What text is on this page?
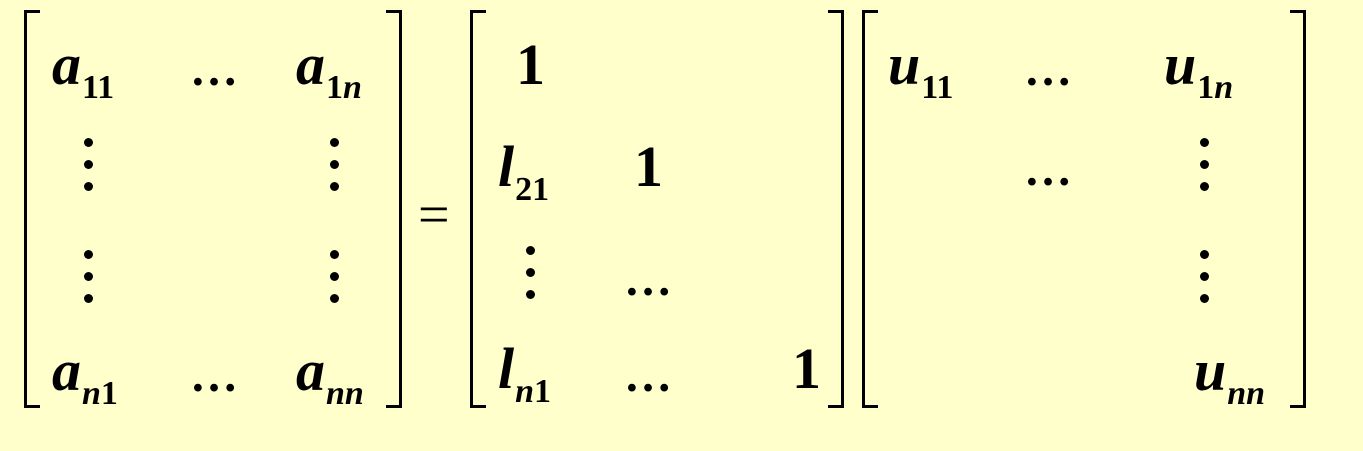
$a_{11}$ … $a_{1n}$
$a_{n1}$ … $a_{nn}$
=
1
$l_{21}$ 1
…
$l_{n1}$ … 1
$u_{11}$ … $u_{1n}$
…
$u_{nn}$
